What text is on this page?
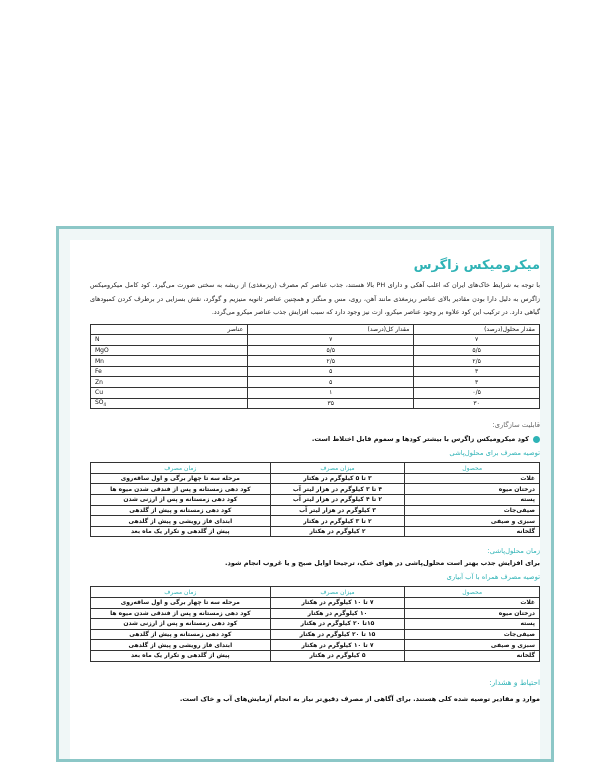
میکرومیکس زاگرس

با توجه به شرایط خاک‌های ایران که اغلب آهکی و دارای PH بالا هستند، جذب عناصر کم مصرف (ریزمغذی) از ریشه به سختی صورت می‌گیرد. کود کامل میکرومیکس زاگرس به دلیل دارا بودن مقادیر بالای عناصر ریزمغذی مانند آهن، روی، مس و منگنز و همچنین عناصر ثانویه منیزیم و گوگرد، نقش بسزایی در برطرف کردن کمبودهای گیاهی دارد. در ترکیب این کود علاوه بر وجود عناصر میکرو، ازت نیز وجود دارد که سبب افزایش جذب عناصر میکرو می‌گردد.

مقدار محلول(درصد)	مقدار کل(درصد)	عناصر
۷	۷	N
۵/۵	۵/۵	MgO
۲/۵	۲/۵	Mn
۳	۵	Fe
۳	۵	Zn
۰/۵	۱	Cu
۳۰	۳۵	$SO_4$

قابلیت سازگاری:

کود میکرومیکس زاگرس با بیشتر کودها و سموم قابل اختلاط است.

توصیه مصرف برای محلول‌پاشی

محصول	میزان مصرف	زمان مصرف
غلات	۳ تا ۵ کیلوگرم در هکتار	مرحله سه تا چهار برگی و اول ساقه‌روی
درختان میوه	۴ تا ۳ کیلوگرم در هزار لیتر آب	کود دهی زمستانه و پس از فندقی شدن میوه ها
پسته	۲ تا ۴ کیلوگرم در هزار لیتر آب	کود دهی زمستانه و پس از ارزنی شدن
صیفی‌جات	۳ کیلوگرم در هزار لیتر آب	کود دهی زمستانه و پیش از گلدهی
سبزی و صیفی	۲ تا ۳ کیلوگرم در هکتار	ابتدای فاز رویشی و پیش از گلدهی
گلخانه	۲ کیلوگرم در هکتار	پیش از گلدهی و تکرار یک ماه بعد

زمان محلول‌پاشی:

برای افزایش جذب بهتر است محلول‌پاشی در هوای خنک، ترجیحا اوایل صبح و یا غروب انجام شود.

توصیه مصرف همراه با آب آبیاری

محصول	میزان مصرف	زمان مصرف
غلات	۷ تا ۱۰ کیلوگرم در هکتار	مرحله سه تا چهار برگی و اول ساقه‌روی
درختان میوه	۱۰ کیلوگرم در هکتار	کود دهی زمستانه و پس از فندقی شدن میوه ها
پسته	۱۵تا ۲۰ کیلوگرم در هکتار	کود دهی زمستانه و پس از ارزنی شدن
صیفی‌جات	۱۵ تا ۲۰ کیلوگرم در هکتار	کود دهی زمستانه و پیش از گلدهی
سبزی و صیفی	۷ تا ۱۰ کیلوگرم در هکتار	ابتدای فاز رویشی و پیش از گلدهی
گلخانه	۵ کیلوگرم در هکتار	پیش از گلدهی و تکرار یک ماه بعد

احتیاط و هشدار:

موارد و مقادیر توصیه شده کلی هستند. برای آگاهی از مصرف دقیق‌تر نیاز به انجام آزمایش‌های آب و خاک است.
